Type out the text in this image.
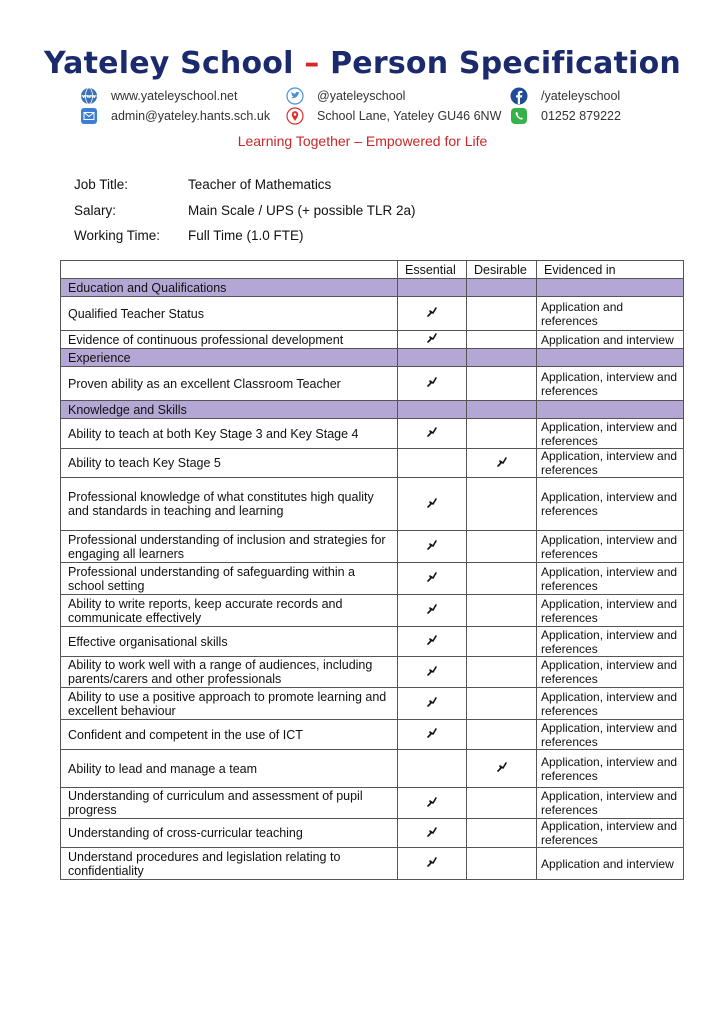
Yateley School – Person Specification
www www.yateleyschool.net	@yateleyschool	/yateleyschool
admin@yateley.hants.sch.uk	School Lane, Yateley GU46 6NW	01252 879222
Learning Together – Empowered for Life
Job Title:	Teacher of Mathematics
Salary:	Main Scale / UPS (+ possible TLR 2a)
Working Time: Full Time (1.0 FTE)
	Essential	Desirable	Evidenced in
Education and Qualifications			
Qualified Teacher Status			Application and references
Evidence of continuous professional development			Application and interview
Experience			
Proven ability as an excellent Classroom Teacher			Application, interview and references
Knowledge and Skills			
Ability to teach at both Key Stage 3 and Key Stage 4			Application, interview and references
Ability to teach Key Stage 5			Application, interview and references
Professional knowledge of what constitutes high quality and standards in teaching and learning			Application, interview and references
Professional understanding of inclusion and strategies for engaging all learners			Application, interview and references
Professional understanding of safeguarding within a school setting			Application, interview and references
Ability to write reports, keep accurate records and communicate effectively			Application, interview and references
Effective organisational skills			Application, interview and references
Ability to work well with a range of audiences, including parents/carers and other professionals			Application, interview and references
Ability to use a positive approach to promote learning and excellent behaviour			Application, interview and references
Confident and competent in the use of ICT			Application, interview and references
Ability to lead and manage a team			Application, interview and references
Understanding of curriculum and assessment of pupil progress			Application, interview and references
Understanding of cross-curricular teaching			Application, interview and references
Understand procedures and legislation relating to confidentiality			Application and interview
